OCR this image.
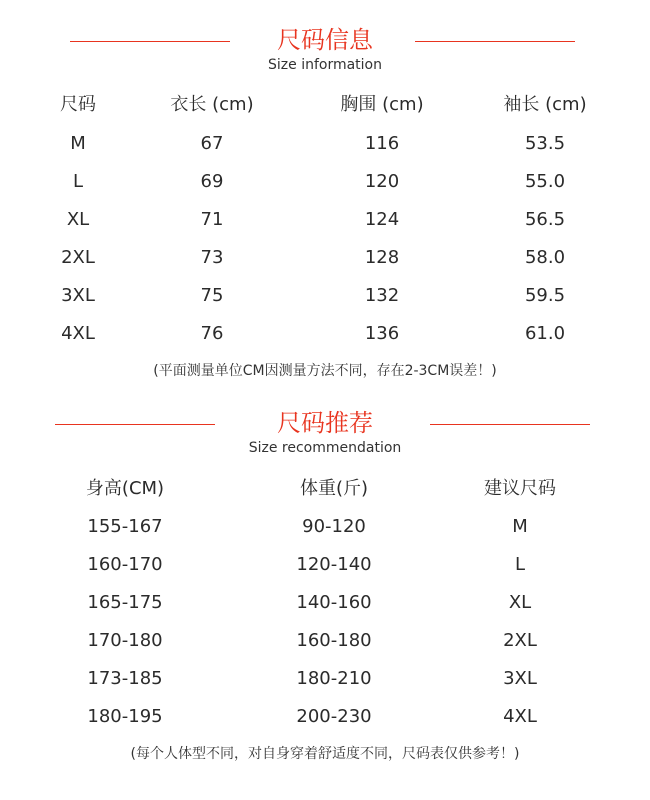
尺码信息
Size information
尺码	衣长 (cm)	胸围 (cm)	袖长 (cm)
M	67	116	53.5
L	69	120	55.0
XL	71	124	56.5
2XL	73	128	58.0
3XL	75	132	59.5
4XL	76	136	61.0
(平面测量单位CM因测量方法不同，存在2-3CM误差！)
尺码推荐
Size recommendation
身高(CM)	体重(斤)	建议尺码
155-167	90-120	M
160-170	120-140	L
165-175	140-160	XL
170-180	160-180	2XL
173-185	180-210	3XL
180-195	200-230	4XL
(每个人体型不同，对自身穿着舒适度不同，尺码表仅供参考！)
